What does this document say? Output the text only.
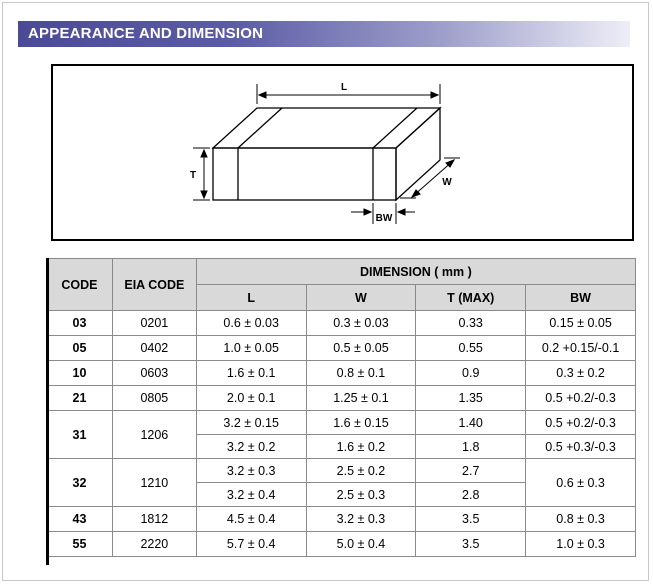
APPEARANCE AND DIMENSION
L
T
W
BW
CODE	EIA CODE	DIMENSION ( mm )			
		L	W	T (MAX)	BW
03	0201	0.6 ± 0.03	0.3 ± 0.03	0.33	0.15 ± 0.05
05	0402	1.0 ± 0.05	0.5 ± 0.05	0.55	0.2 +0.15/-0.1
10	0603	1.6 ± 0.1	0.8 ± 0.1	0.9	0.3 ± 0.2
21	0805	2.0 ± 0.1	1.25 ± 0.1	1.35	0.5 +0.2/-0.3
31	1206	3.2 ± 0.15	1.6 ± 0.15	1.40	0.5 +0.2/-0.3
		3.2 ± 0.2	1.6 ± 0.2	1.8	0.5 +0.3/-0.3
32	1210	3.2 ± 0.3	2.5 ± 0.2	2.7	0.6 ± 0.3
		3.2 ± 0.4	2.5 ± 0.3	2.8	
43	1812	4.5 ± 0.4	3.2 ± 0.3	3.5	0.8 ± 0.3
55	2220	5.7 ± 0.4	5.0 ± 0.4	3.5	1.0 ± 0.3
